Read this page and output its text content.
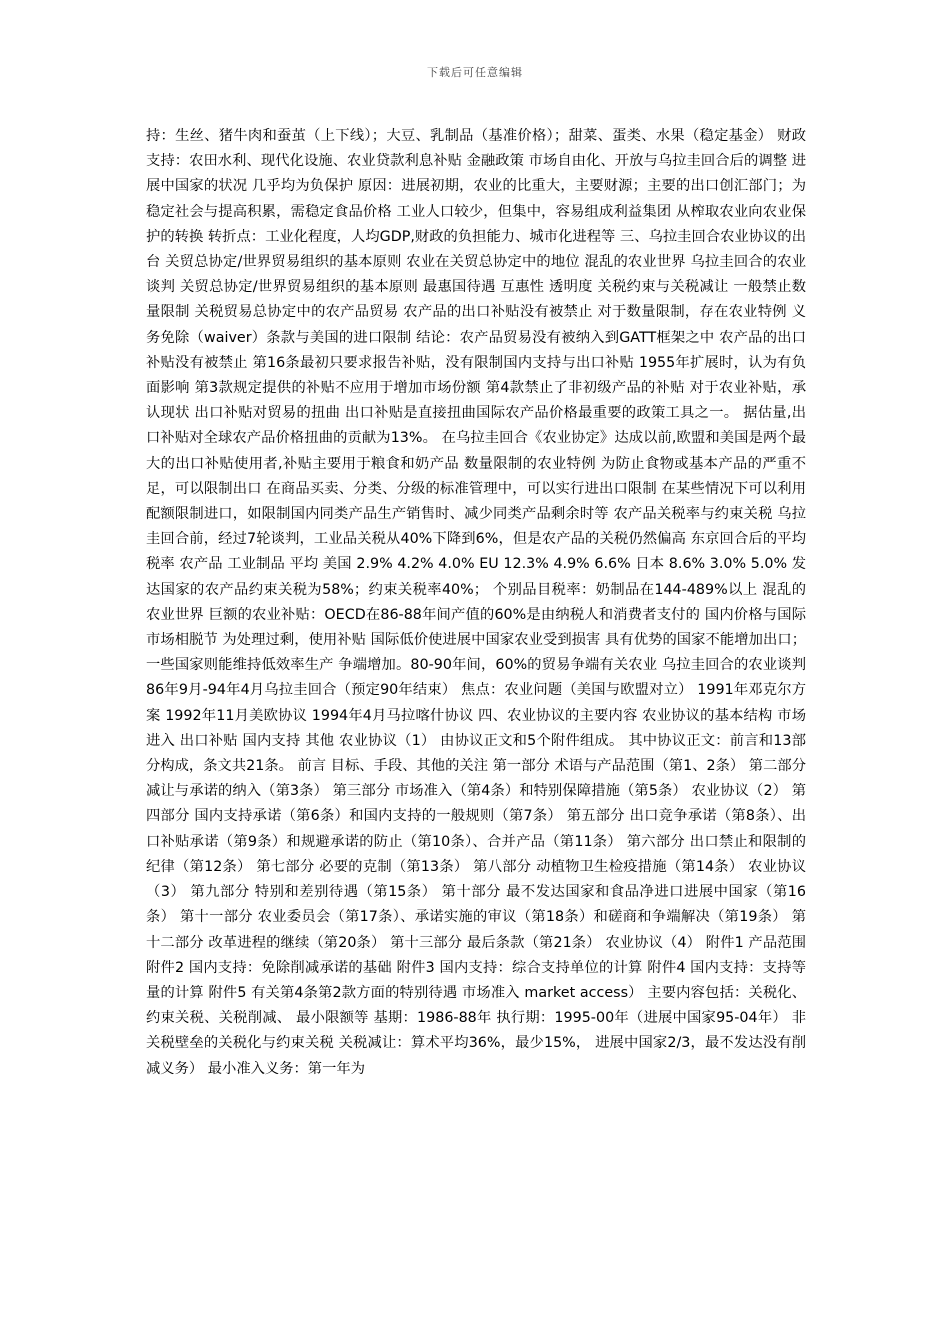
下载后可任意编辑

持：生丝、猪牛肉和蚕茧（上下线）；大豆、乳制品（基准价格）；甜菜、蛋类、水果（稳定基金） 财政支持：农田水利、现代化设施、农业贷款利息补贴 金融政策 市场自由化、开放与乌拉圭回合后的调整 进展中国家的状况 几乎均为负保护 原因：进展初期，农业的比重大，主要财源；主要的出口创汇部门；为稳定社会与提高积累，需稳定食品价格 工业人口较少，但集中，容易组成利益集团 从榨取农业向农业保护的转换 转折点：工业化程度，人均GDP,财政的负担能力、城市化进程等 三、乌拉圭回合农业协议的出台 关贸总协定/世界贸易组织的基本原则 农业在关贸总协定中的地位 混乱的农业世界 乌拉圭回合的农业谈判 关贸总协定/世界贸易组织的基本原则 最惠国待遇 互惠性 透明度 关税约束与关税减让 一般禁止数量限制 关税贸易总协定中的农产品贸易 农产品的出口补贴没有被禁止 对于数量限制，存在农业特例 义务免除（waiver）条款与美国的进口限制 结论：农产品贸易没有被纳入到GATT框架之中 农产品的出口补贴没有被禁止 第16条最初只要求报告补贴，没有限制国内支持与出口补贴 1955年扩展时，认为有负面影响 第3款规定提供的补贴不应用于增加市场份额 第4款禁止了非初级产品的补贴 对于农业补贴，承认现状 出口补贴对贸易的扭曲 出口补贴是直接扭曲国际农产品价格最重要的政策工具之一。 据估量,出口补贴对全球农产品价格扭曲的贡献为13%。 在乌拉圭回合《农业协定》达成以前,欧盟和美国是两个最大的出口补贴使用者,补贴主要用于粮食和奶产品 数量限制的农业特例 为防止食物或基本产品的严重不足，可以限制出口 在商品买卖、分类、分级的标准管理中，可以实行进出口限制 在某些情况下可以利用配额限制进口，如限制国内同类产品生产销售时、减少同类产品剩余时等 农产品关税率与约束关税 乌拉圭回合前，经过7轮谈判，工业品关税从40%下降到6%，但是农产品的关税仍然偏高 东京回合后的平均税率 农产品 工业制品 平均 美国 2.9% 4.2% 4.0% EU 12.3% 4.9% 6.6% 日本 8.6% 3.0% 5.0% 发达国家的农产品约束关税为58%；约束关税率40%； 个别品目税率：奶制品在144-489%以上 混乱的农业世界 巨额的农业补贴：OECD在86-88年间产值的60%是由纳税人和消费者支付的 国内价格与国际市场相脱节 为处理过剩，使用补贴 国际低价使进展中国家农业受到损害 具有优势的国家不能增加出口；一些国家则能维持低效率生产 争端增加。80-90年间，60%的贸易争端有关农业 乌拉圭回合的农业谈判 86年9月-94年4月乌拉圭回合（预定90年结束） 焦点：农业问题（美国与欧盟对立） 1991年邓克尔方案 1992年11月美欧协议 1994年4月马拉喀什协议 四、农业协议的主要内容 农业协议的基本结构 市场进入 出口补贴 国内支持 其他 农业协议（1） 由协议正文和5个附件组成。 其中协议正文：前言和13部分构成，条文共21条。 前言 目标、手段、其他的关注 第一部分 术语与产品范围（第1、2条） 第二部分 减让与承诺的纳入（第3条） 第三部分 市场准入（第4条）和特别保障措施（第5条） 农业协议（2） 第四部分 国内支持承诺（第6条）和国内支持的一般规则（第7条） 第五部分 出口竞争承诺（第8条）、出口补贴承诺（第9条）和规避承诺的防止（第10条）、合并产品（第11条） 第六部分 出口禁止和限制的纪律（第12条） 第七部分 必要的克制（第13条） 第八部分 动植物卫生检疫措施（第14条） 农业协议（3） 第九部分 特别和差别待遇（第15条） 第十部分 最不发达国家和食品净进口进展中国家（第16条） 第十一部分 农业委员会（第17条）、承诺实施的审议（第18条）和磋商和争端解决（第19条） 第十二部分 改革进程的继续（第20条） 第十三部分 最后条款（第21条） 农业协议（4） 附件1 产品范围 附件2 国内支持：免除削减承诺的基础 附件3 国内支持：综合支持单位的计算 附件4 国内支持：支持等量的计算 附件5 有关第4条第2款方面的特别待遇 市场准入 market access） 主要内容包括：关税化、约束关税、关税削减、 最小限额等 基期：1986-88年 执行期：1995-00年（进展中国家95-04年） 非关税壁垒的关税化与约束关税 关税减让：算术平均36%，最少15%， 进展中国家2/3，最不发达没有削减义务） 最小准入义务：第一年为
